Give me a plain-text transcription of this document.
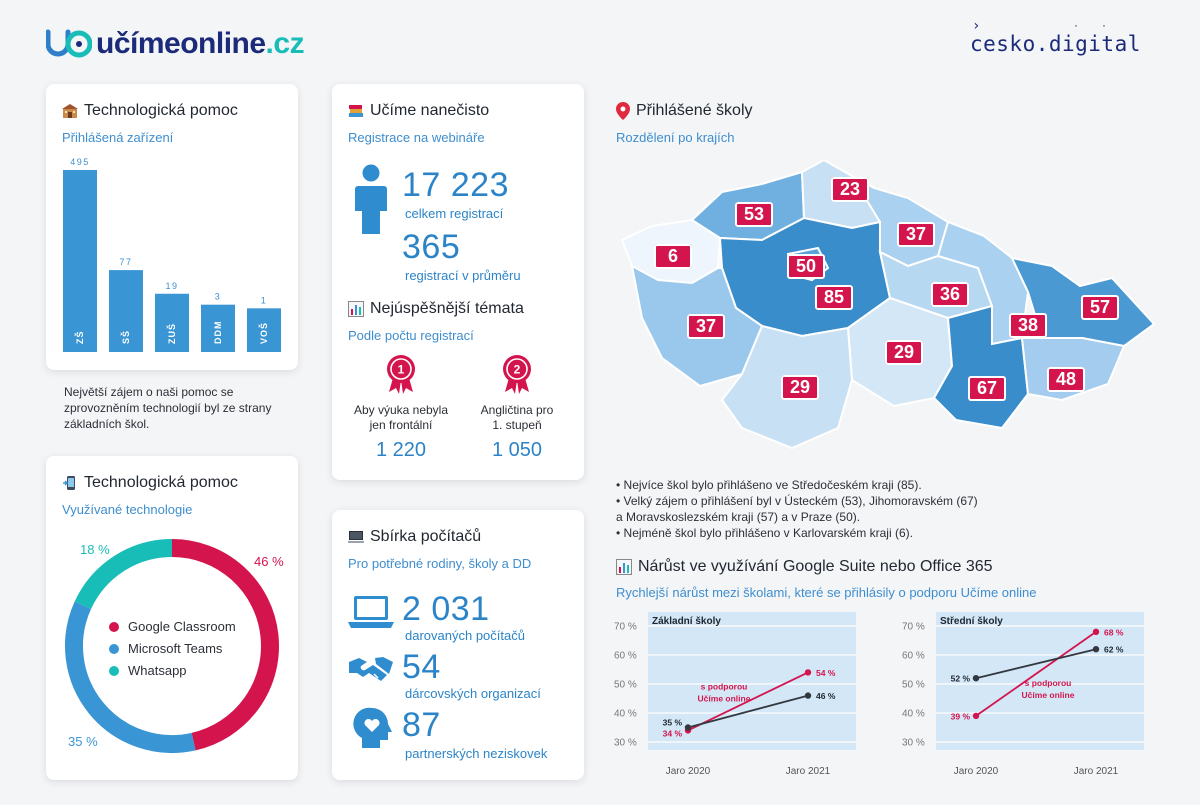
učímeonline.cz
›	··
cesko.digital
Technologická pomoc
Přihlášená zařízení
495
ZŠ
77
SŠ
19
ZUŠ
3
DDM
1
VOŠ
Největší zájem o naši pomoc se zprovozněním technologií byl ze strany základních škol.
Technologická pomoc
Využívané technologie
46 %
Google Classroom
35 %
Microsoft Teams
18 %
Whatsapp
Učíme nanečisto
Registrace na webináře
17 223
celkem registrací
365
registrací v průměru
Nejúspěšnější témata
Podle počtu registrací
1
Aby výuka nebyla
jen frontální
1 220
2
Angličtina pro
1. stupeň
1 050
Sbírka počítačů
Pro potřebné rodiny, školy a DD
2 031
darovaných počítačů
54
dárcovských organizací
87
partnerských neziskovek
Přihlášené školy
Rozdělení po krajích
6
53
23
37
50
85	36
37	38
57
29
29	67	48
• Nejvíce škol bylo přihlášeno ve Středočeském kraji (85).
• Velký zájem o přihlášení byl v Ústeckém (53), Jihomoravském (67)
a Moravskoslezském kraji (57) a v Praze (50).
• Nejméně škol bylo přihlášeno v Karlovarském kraji (6).
Nárůst ve využívání Google Suite nebo Office 365
Rychlejší nárůst mezi školami, které se přihlásily o podporu Učíme online
30 %
40 %
50 %
60 %
70 % Základní školy
Jaro 2020	Jaro 2021
34 %
54 %
35 %
46 %
s podporou
Učíme online
30 %
40 %
50 %
60 %
70 % Střední školy
Jaro 2020	Jaro 2021
39 %
68 %
52 %
62 %
s podporou
Učíme online
